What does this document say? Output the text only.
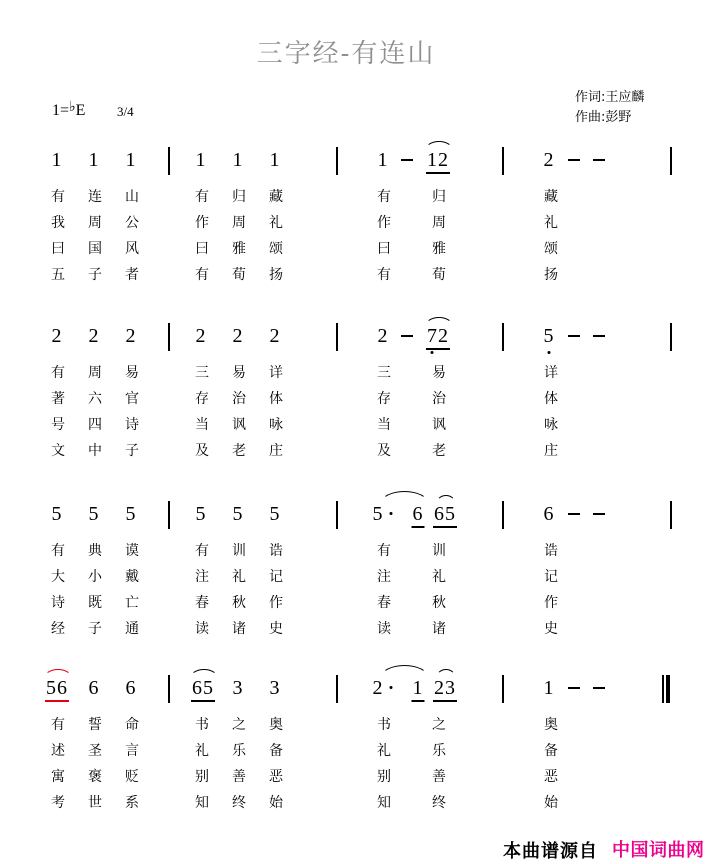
三字经-有连山
1=♭E 3/4
作词:王应麟
作曲:彭野
1 1 1	1 1 1	1 12	2
有 连 山	有 归 藏	有	归	藏
我 周 公	作 周 礼	作	周	礼
曰 国 风	曰 雅 颂	曰	雅	颂
五 子 者	有 荀 扬	有	荀	扬
2 2 2	2 2 2	2 72	5
有 周 易	三 易 详	三	易	详
著 六 官	存 治 体	存	治	体
号 四 诗	当 讽 咏	当	讽	咏
文 中 子	及 老 庄	及	老	庄
5 5 5	5 5 5	5 6 65	6
有 典 谟	有 训 诰	有	训	诰
大 小 戴	注 礼 记	注	礼	记
诗 既 亡	春 秋 作	春	秋	作
经 子 通	读 诸 史	读	诸	史
56 6 6	65 3 3	2 1 23	1
有 誓 命	书 之 奥	书	之	奥
述 圣 言	礼 乐 备	礼	乐	备
寓 褒 贬	别 善 恶	别	善	恶
考 世 系	知 终 始	知	终	始
本曲谱源自 中国词曲网
